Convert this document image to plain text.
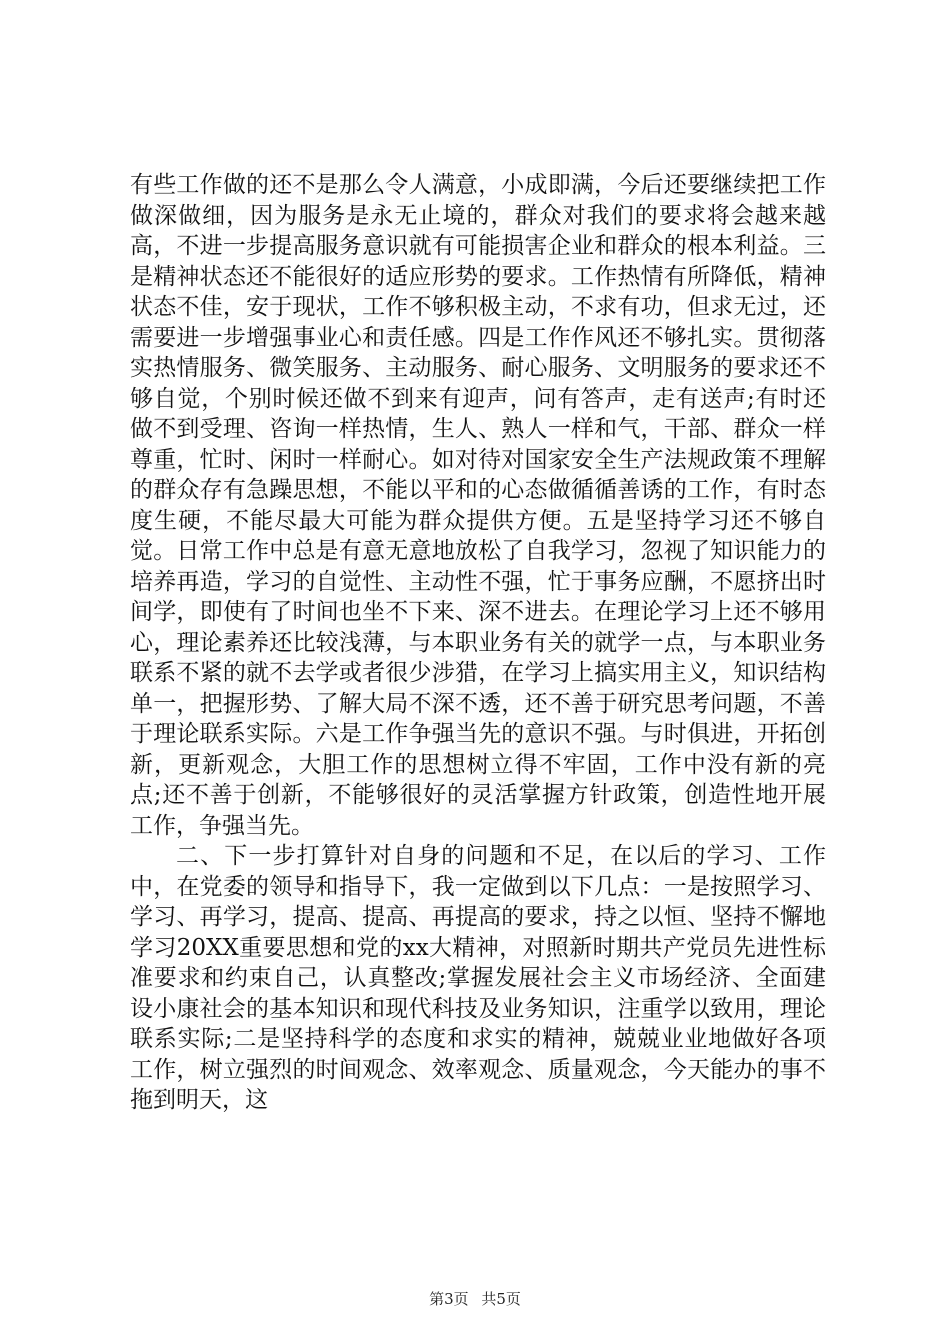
有些工作做的还不是那么令人满意，小成即满，今后还要继续把工作做深做细，因为服务是永无止境的，群众对我们的要求将会越来越高，不进一步提高服务意识就有可能损害企业和群众的根本利益。三是精神状态还不能很好的适应形势的要求。工作热情有所降低，精神状态不佳，安于现状，工作不够积极主动，不求有功，但求无过，还需要进一步增强事业心和责任感。四是工作作风还不够扎实。贯彻落实热情服务、微笑服务、主动服务、耐心服务、文明服务的要求还不够自觉，个别时候还做不到来有迎声，问有答声，走有送声;有时还做不到受理、咨询一样热情，生人、熟人一样和气，干部、群众一样尊重，忙时、闲时一样耐心。如对待对国家安全生产法规政策不理解的群众存有急躁思想，不能以平和的心态做循循善诱的工作，有时态度生硬，不能尽最大可能为群众提供方便。五是坚持学习还不够自觉。日常工作中总是有意无意地放松了自我学习，忽视了知识能力的培养再造，学习的自觉性、主动性不强，忙于事务应酬，不愿挤出时间学，即使有了时间也坐不下来、深不进去。在理论学习上还不够用心，理论素养还比较浅薄，与本职业务有关的就学一点，与本职业务联系不紧的就不去学或者很少涉猎，在学习上搞实用主义，知识结构单一，把握形势、了解大局不深不透，还不善于研究思考问题，不善于理论联系实际。六是工作争强当先的意识不强。与时俱进，开拓创新，更新观念，大胆工作的思想树立得不牢固，工作中没有新的亮点;还不善于创新，不能够很好的灵活掌握方针政策，创造性地开展工作，争强当先。

二、下一步打算针对自身的问题和不足，在以后的学习、工作中，在党委的领导和指导下，我一定做到以下几点：一是按照学习、学习、再学习，提高、提高、再提高的要求，持之以恒、坚持不懈地学习20XX重要思想和党的xx大精神，对照新时期共产党员先进性标准要求和约束自己，认真整改;掌握发展社会主义市场经济、全面建设小康社会的基本知识和现代科技及业务知识，注重学以致用，理论联系实际;二是坚持科学的态度和求实的精神，兢兢业业地做好各项工作，树立强烈的时间观念、效率观念、质量观念，今天能办的事不拖到明天，这

第3页 共5页
